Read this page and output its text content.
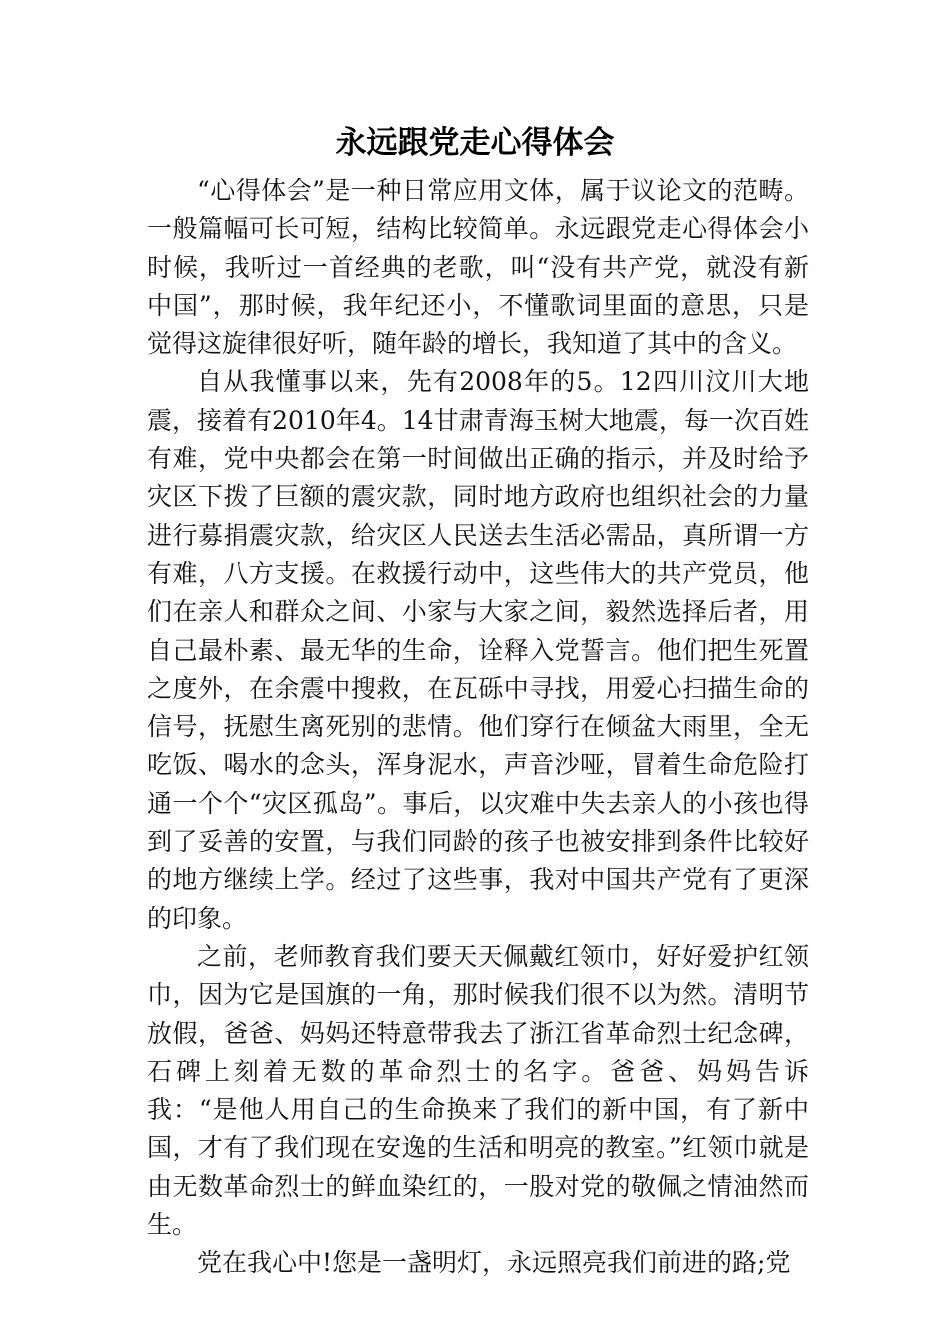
永远跟党走心得体会

“心得体会”是一种日常应用文体，属于议论文的范畴。一般篇幅可长可短，结构比较简单。永远跟党走心得体会小时候，我听过一首经典的老歌，叫“没有共产党，就没有新中国”，那时候，我年纪还小，不懂歌词里面的意思，只是觉得这旋律很好听，随年龄的增长，我知道了其中的含义。

自从我懂事以来，先有2008年的5。12四川汶川大地震，接着有2010年4。14甘肃青海玉树大地震，每一次百姓有难，党中央都会在第一时间做出正确的指示，并及时给予灾区下拨了巨额的震灾款，同时地方政府也组织社会的力量进行募捐震灾款，给灾区人民送去生活必需品，真所谓一方有难，八方支援。在救援行动中，这些伟大的共产党员，他们在亲人和群众之间、小家与大家之间，毅然选择后者，用自己最朴素、最无华的生命，诠释入党誓言。他们把生死置之度外，在余震中搜救，在瓦砾中寻找，用爱心扫描生命的信号，抚慰生离死别的悲情。他们穿行在倾盆大雨里，全无吃饭、喝水的念头，浑身泥水，声音沙哑，冒着生命危险打通一个个“灾区孤岛”。事后，以灾难中失去亲人的小孩也得到了妥善的安置，与我们同龄的孩子也被安排到条件比较好的地方继续上学。经过了这些事，我对中国共产党有了更深的印象。

之前，老师教育我们要天天佩戴红领巾，好好爱护红领巾，因为它是国旗的一角，那时候我们很不以为然。清明节放假，爸爸、妈妈还特意带我去了浙江省革命烈士纪念碑，石碑上刻着无数的革命烈士的名字。爸爸、妈妈告诉我：“是他人用自己的生命换来了我们的新中国，有了新中国，才有了我们现在安逸的生活和明亮的教室。”红领巾就是由无数革命烈士的鲜血染红的，一股对党的敬佩之情油然而生。

党在我心中!您是一盏明灯，永远照亮我们前进的路;党
